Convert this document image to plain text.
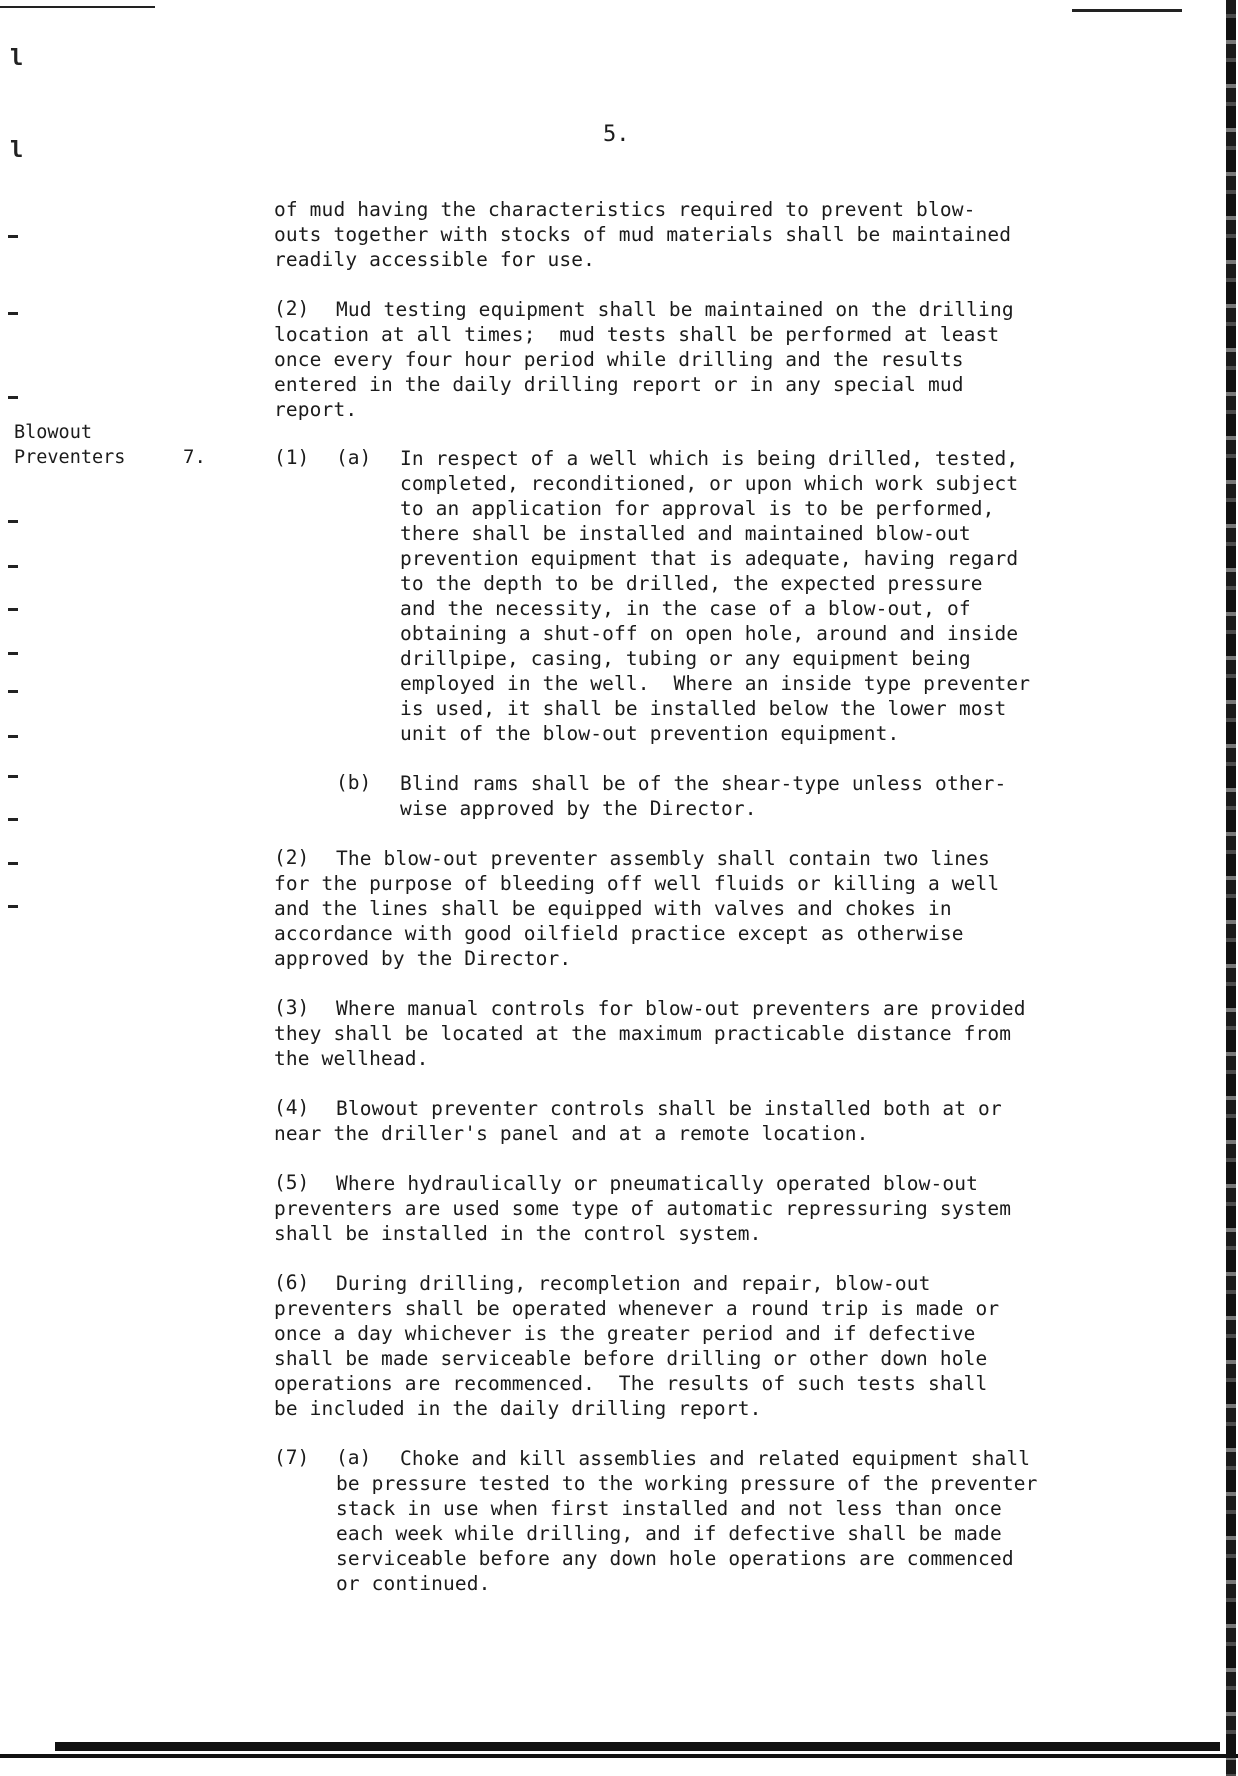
l
l
5.
Blowout
Preventers	7.
of mud having the characteristics required to prevent blow-
outs together with stocks of mud materials shall be maintained
readily accessible for use.
(2) Mud testing equipment shall be maintained on the drilling
location at all times;  mud tests shall be performed at least
once every four hour period while drilling and the results
entered in the daily drilling report or in any special mud
report.
(1) (a) In respect of a well which is being drilled, tested,
completed, reconditioned, or upon which work subject
to an application for approval is to be performed,
there shall be installed and maintained blow-out
prevention equipment that is adequate, having regard
to the depth to be drilled, the expected pressure
and the necessity, in the case of a blow-out, of
obtaining a shut-off on open hole, around and inside
drillpipe, casing, tubing or any equipment being
employed in the well.  Where an inside type preventer
is used, it shall be installed below the lower most
unit of the blow-out prevention equipment.
(b) Blind rams shall be of the shear-type unless other-
wise approved by the Director.
(2) The blow-out preventer assembly shall contain two lines
for the purpose of bleeding off well fluids or killing a well
and the lines shall be equipped with valves and chokes in
accordance with good oilfield practice except as otherwise
approved by the Director.
(3) Where manual controls for blow-out preventers are provided
they shall be located at the maximum practicable distance from
the wellhead.
(4) Blowout preventer controls shall be installed both at or
near the driller's panel and at a remote location.
(5) Where hydraulically or pneumatically operated blow-out
preventers are used some type of automatic repressuring system
shall be installed in the control system.
(6) During drilling, recompletion and repair, blow-out
preventers shall be operated whenever a round trip is made or
once a day whichever is the greater period and if defective
shall be made serviceable before drilling or other down hole
operations are recommenced.  The results of such tests shall
be included in the daily drilling report.
(7) (a) Choke and kill assemblies and related equipment shall
be pressure tested to the working pressure of the preventer
stack in use when first installed and not less than once
each week while drilling, and if defective shall be made
serviceable before any down hole operations are commenced
or continued.
